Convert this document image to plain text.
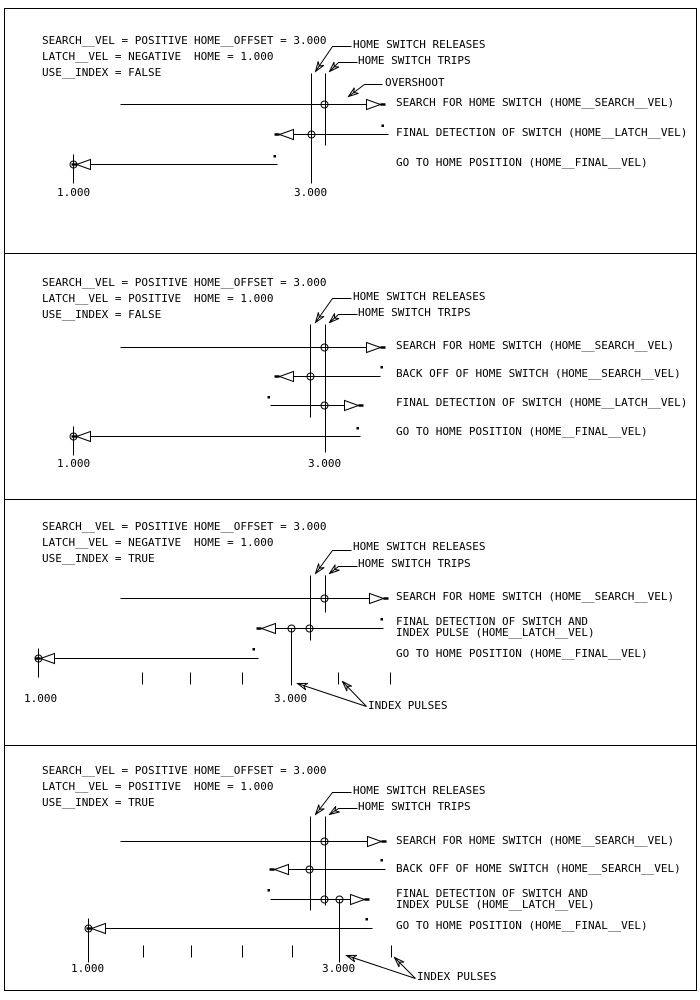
SEARCH__VEL = POSITIVE
LATCH__VEL = NEGATIVE
USE__INDEX = FALSE
HOME__OFFSET = 3.000
HOME = 1.000
HOME SWITCH RELEASES
HOME SWITCH TRIPS
OVERSHOOT
SEARCH FOR HOME SWITCH (HOME__SEARCH__VEL)
FINAL DETECTION OF SWITCH (HOME__LATCH__VEL)
GO TO HOME POSITION (HOME__FINAL__VEL)
1.000	3.000
SEARCH__VEL = POSITIVE
LATCH__VEL = POSITIVE
USE__INDEX = FALSE
HOME__OFFSET = 3.000
HOME = 1.000	HOME SWITCH RELEASES
HOME SWITCH TRIPS
SEARCH FOR HOME SWITCH (HOME__SEARCH__VEL)
BACK OFF OF HOME SWITCH (HOME__SEARCH__VEL)
FINAL DETECTION OF SWITCH (HOME__LATCH__VEL)
GO TO HOME POSITION (HOME__FINAL__VEL)
1.000	3.000
SEARCH__VEL = POSITIVE
LATCH__VEL = NEGATIVE
USE__INDEX = TRUE
HOME__OFFSET = 3.000
HOME = 1.000	HOME SWITCH RELEASES
HOME SWITCH TRIPS
SEARCH FOR HOME SWITCH (HOME__SEARCH__VEL)
FINAL DETECTION OF SWITCH AND
INDEX PULSE (HOME__LATCH__VEL)
GO TO HOME POSITION (HOME__FINAL__VEL)
1.000	3.000
INDEX PULSES
SEARCH__VEL = POSITIVE
LATCH__VEL = POSITIVE
USE__INDEX = TRUE
HOME__OFFSET = 3.000
HOME = 1.000	HOME SWITCH RELEASES
HOME SWITCH TRIPS
SEARCH FOR HOME SWITCH (HOME__SEARCH__VEL)
BACK OFF OF HOME SWITCH (HOME__SEARCH__VEL)
FINAL DETECTION OF SWITCH AND
INDEX PULSE (HOME__LATCH__VEL)
GO TO HOME POSITION (HOME__FINAL__VEL)
1.000	3.000
INDEX PULSES
